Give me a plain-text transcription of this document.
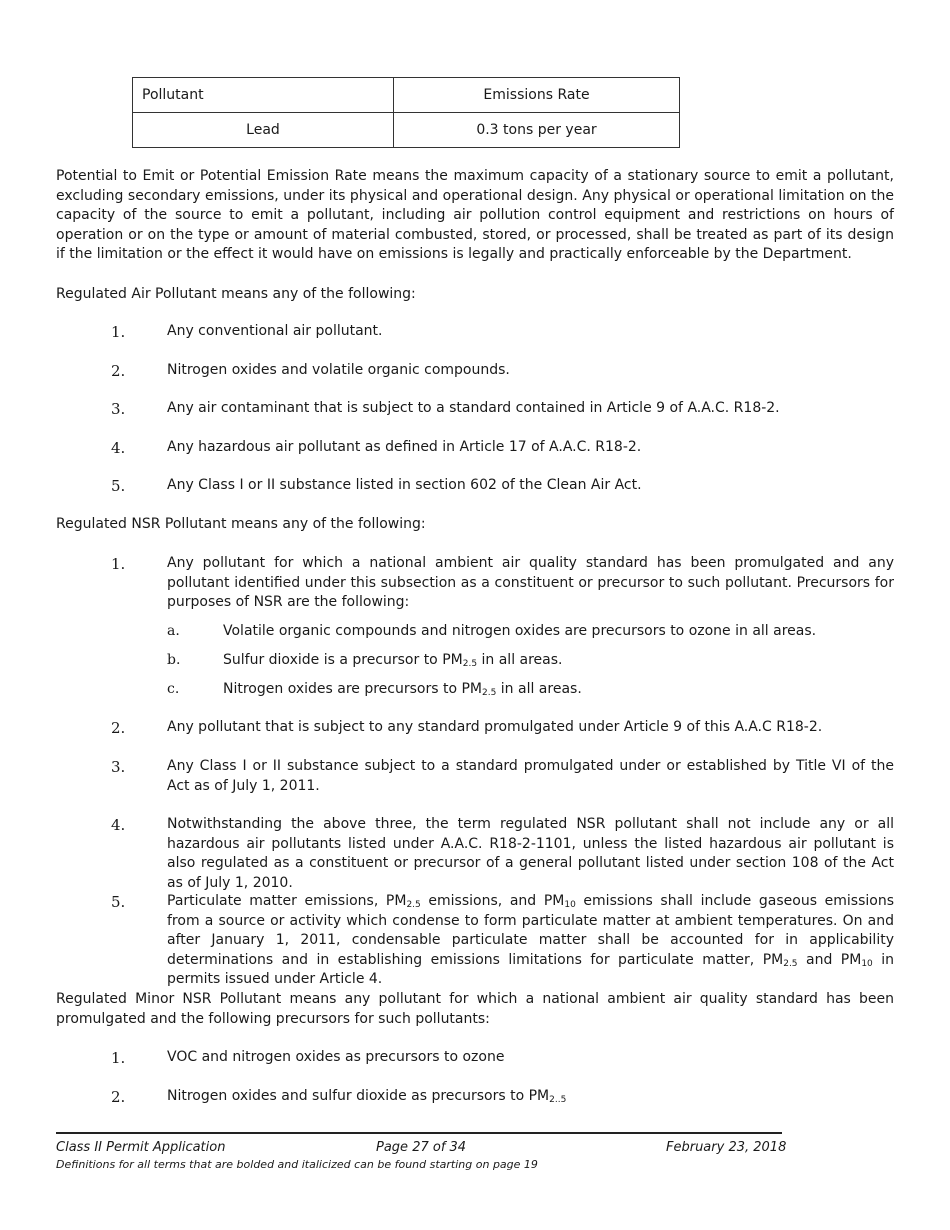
Pollutant	Emissions Rate
Lead	0.3 tons per year

Potential to Emit or Potential Emission Rate means the maximum capacity of a stationary source to emit a pollutant, excluding secondary emissions, under its physical and operational design. Any physical or operational limitation on the capacity of the source to emit a pollutant, including air pollution control equipment and restrictions on hours of operation or on the type or amount of material combusted, stored, or processed, shall be treated as part of its design if the limitation or the effect it would have on emissions is legally and practically enforceable by the Department.

Regulated Air Pollutant means any of the following:

1.	Any conventional air pollutant.
2.	Nitrogen oxides and volatile organic compounds.
3.	Any air contaminant that is subject to a standard contained in Article 9 of A.A.C. R18-2.
4.	Any hazardous air pollutant as defined in Article 17 of A.A.C. R18-2.
5.	Any Class I or II substance listed in section 602 of the Clean Air Act.

Regulated NSR Pollutant means any of the following:

1.	Any pollutant for which a national ambient air quality standard has been promulgated and any pollutant identified under this subsection as a constituent or precursor to such pollutant. Precursors for purposes of NSR are the following:
a.	Volatile organic compounds and nitrogen oxides are precursors to ozone in all areas.
b.	Sulfur dioxide is a precursor to $PM_{2.5}$ in all areas.
c.	Nitrogen oxides are precursors to $PM_{2.5}$ in all areas.
2.	Any pollutant that is subject to any standard promulgated under Article 9 of this A.A.C R18-2.
3.	Any Class I or II substance subject to a standard promulgated under or established by Title VI of the Act as of July 1, 2011.
4.	Notwithstanding the above three, the term regulated NSR pollutant shall not include any or all hazardous air pollutants listed under A.A.C. R18-2-1101, unless the listed hazardous air pollutant is also regulated as a constituent or precursor of a general pollutant listed under section 108 of the Act as of July 1, 2010.
5.	Particulate matter emissions, $PM_{2.5}$ emissions, and $PM_{10}$ emissions shall include gaseous emissions from a source or activity which condense to form particulate matter at ambient temperatures. On and after January 1, 2011, condensable particulate matter shall be accounted for in applicability determinations and in establishing emissions limitations for particulate matter, $PM_{2.5}$ and $PM_{10}$ in permits issued under Article 4.

Regulated Minor NSR Pollutant means any pollutant for which a national ambient air quality standard has been promulgated and the following precursors for such pollutants:

1.	VOC and nitrogen oxides as precursors to ozone
2.	Nitrogen oxides and sulfur dioxide as precursors to $PM_{2..5}$
Class II Permit Application	Page 27 of 34	February 23, 2018
Definitions for all terms that are bolded and italicized can be found starting on page 19
